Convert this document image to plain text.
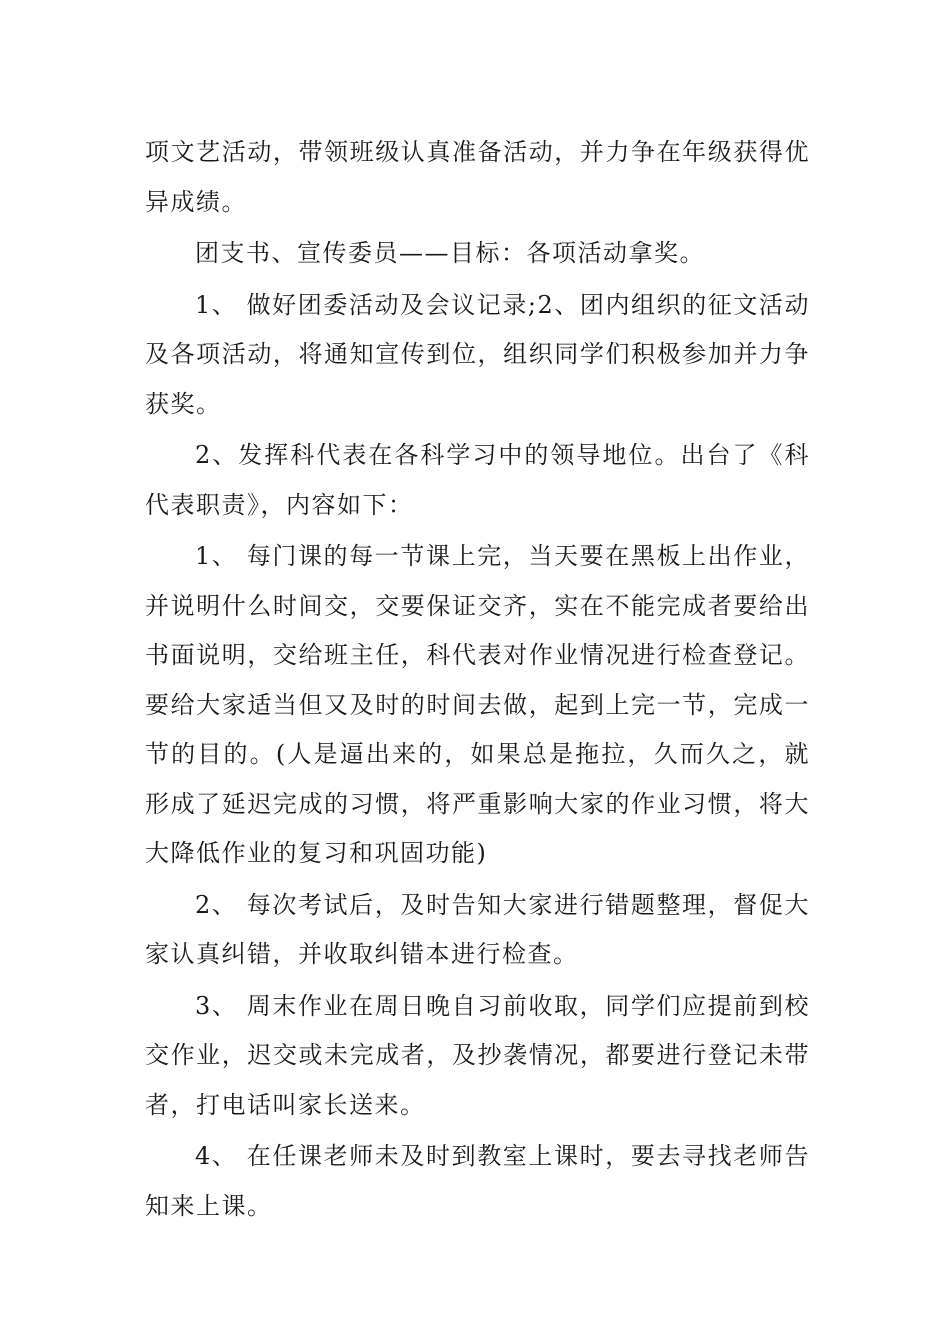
项文艺活动，带领班级认真准备活动，并力争在年级获得优异成绩。

团支书、宣传委员——目标：各项活动拿奖。

1、 做好团委活动及会议记录;2、团内组织的征文活动及各项活动，将通知宣传到位，组织同学们积极参加并力争获奖。

2、发挥科代表在各科学习中的领导地位。出台了《科代表职责》，内容如下：

1、 每门课的每一节课上完，当天要在黑板上出作业，并说明什么时间交，交要保证交齐，实在不能完成者要给出书面说明，交给班主任，科代表对作业情况进行检查登记。要给大家适当但又及时的时间去做，起到上完一节，完成一节的目的。(人是逼出来的，如果总是拖拉，久而久之，就形成了延迟完成的习惯，将严重影响大家的作业习惯，将大大降低作业的复习和巩固功能)

2、 每次考试后，及时告知大家进行错题整理，督促大家认真纠错，并收取纠错本进行检查。

3、 周末作业在周日晚自习前收取，同学们应提前到校交作业，迟交或未完成者，及抄袭情况，都要进行登记未带者，打电话叫家长送来。

4、 在任课老师未及时到教室上课时，要去寻找老师告知来上课。
